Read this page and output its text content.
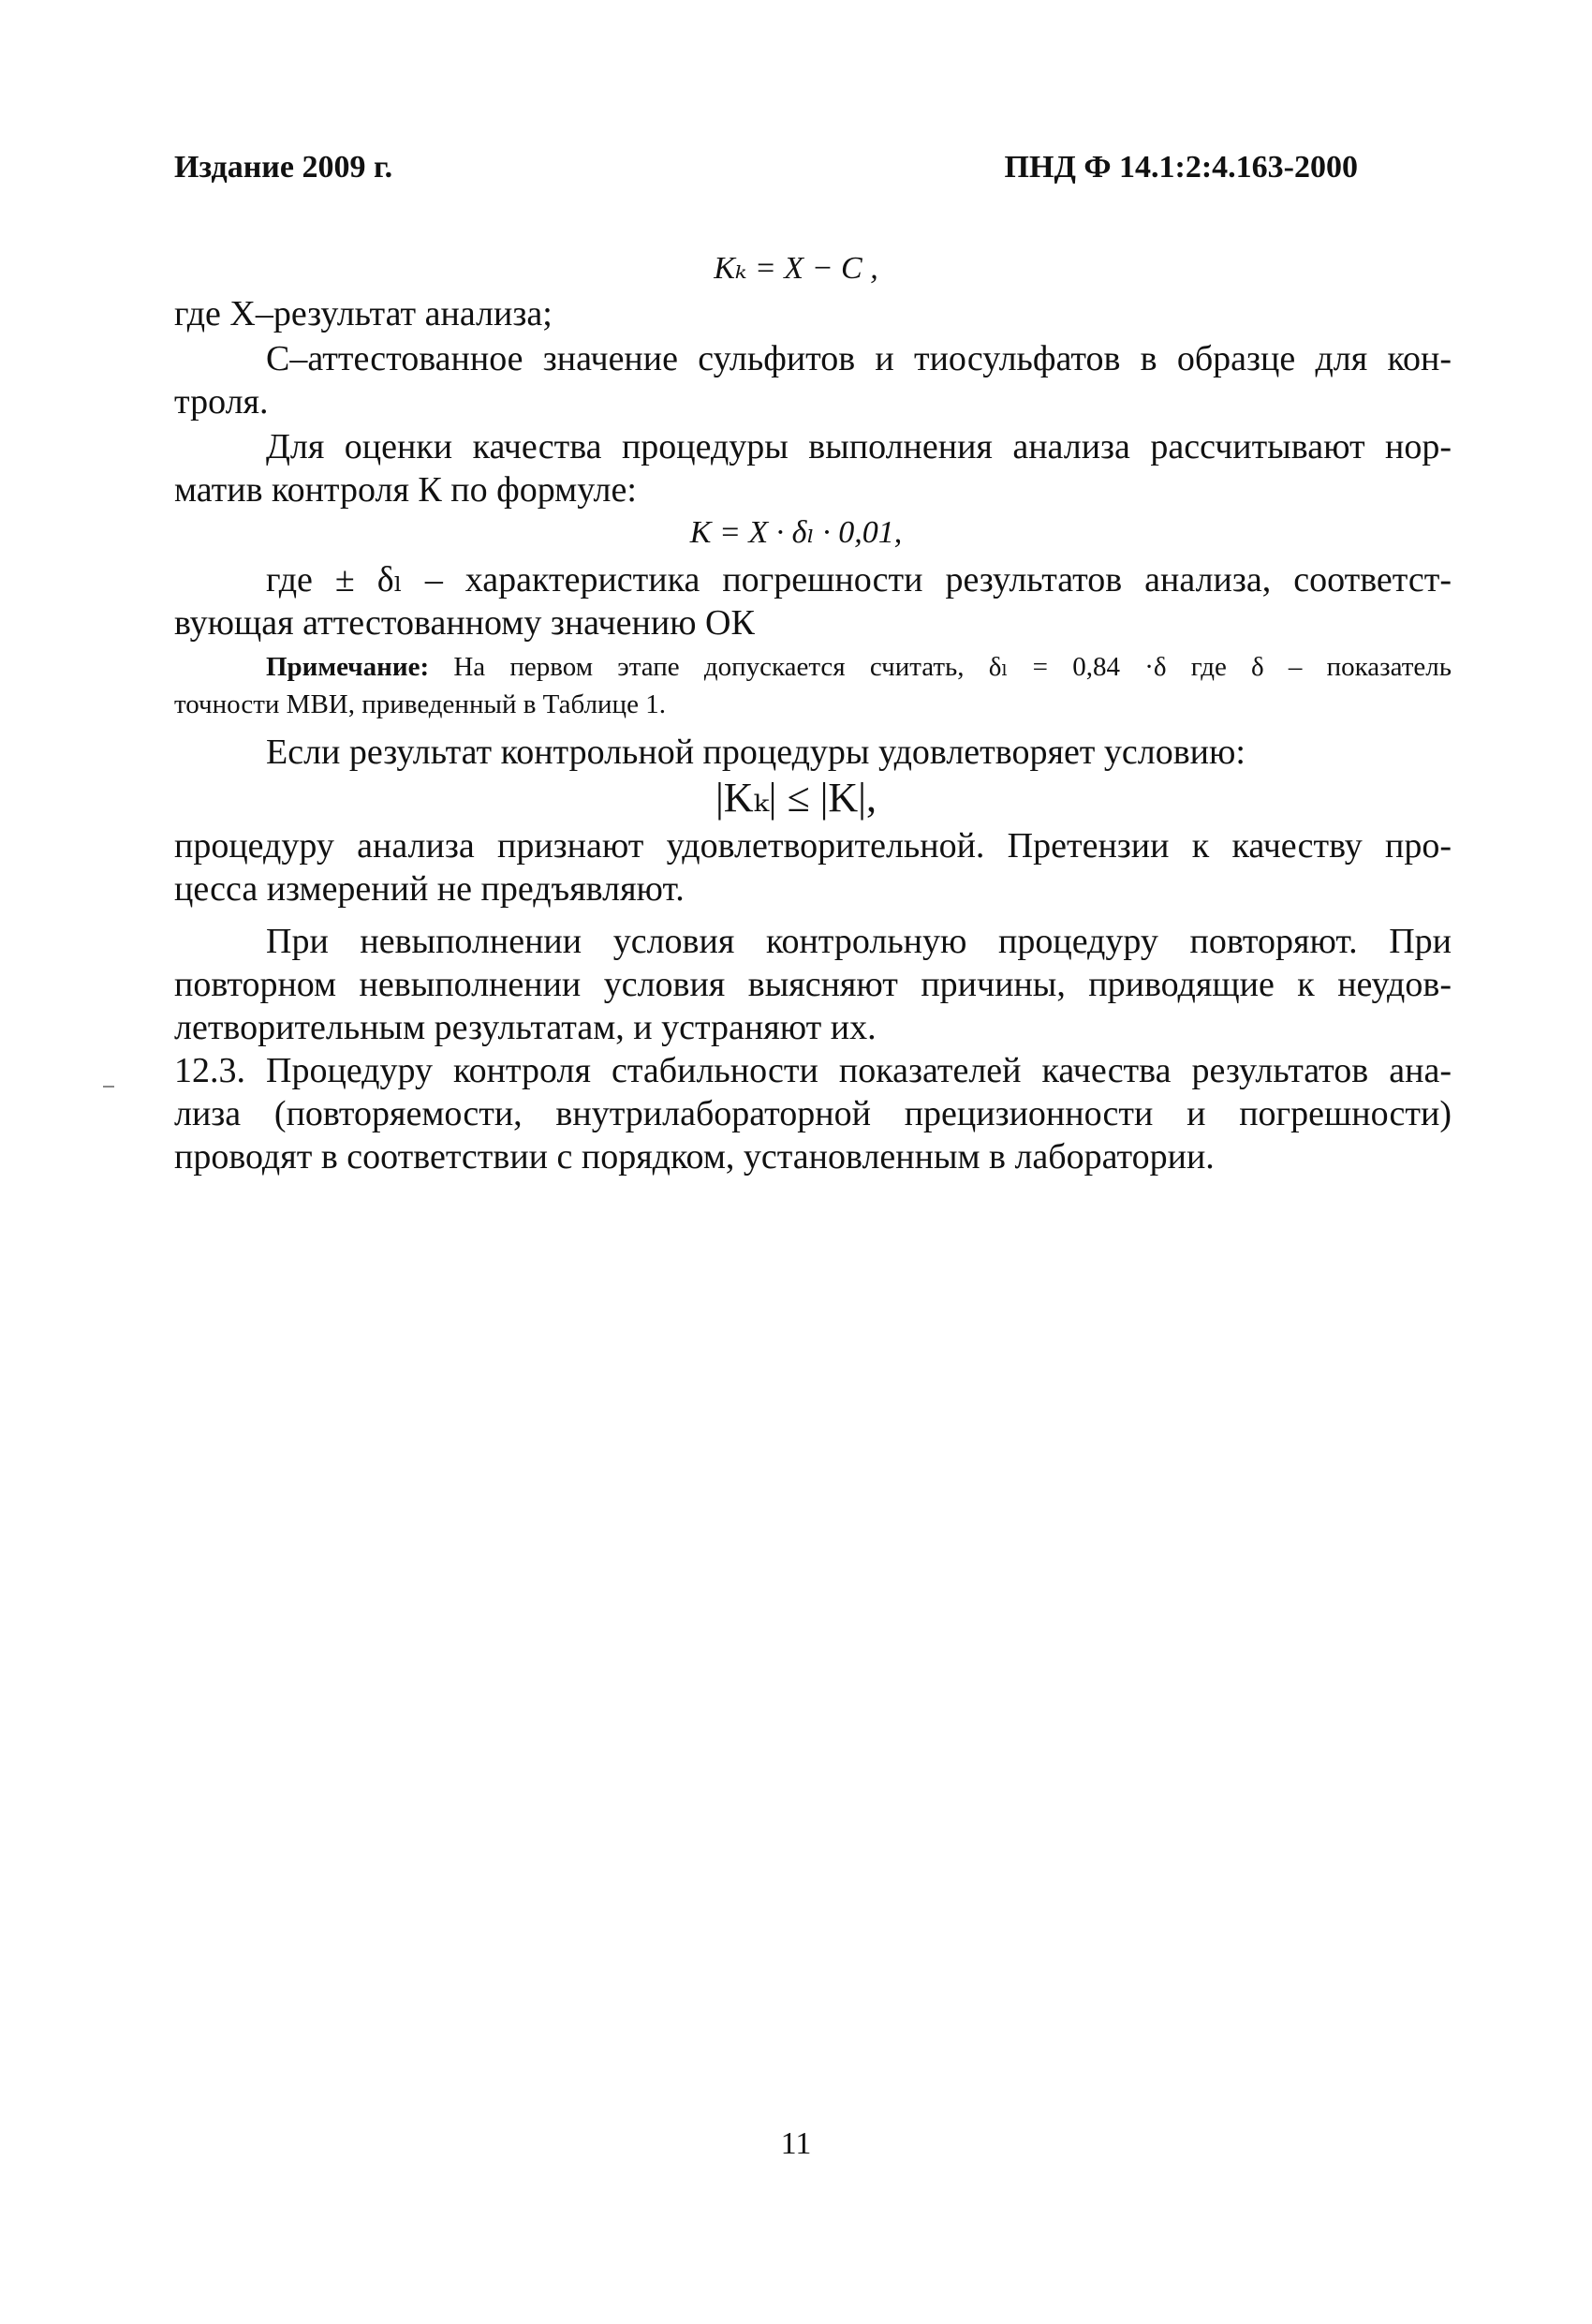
Издание 2009 г.	ПНД Ф 14.1:2:4.163-2000
Kₖ = X − C ,
где X–результат анализа;
С–аттестованное значение сульфитов и тиосульфатов в образце для кон-
троля.
Для оценки качества процедуры выполнения анализа рассчитывают нор-
матив контроля К по формуле:
K = X · δₗ · 0,01,
где ± δₗ – характеристика погрешности результатов анализа, соответст-
вующая аттестованному значению ОК
Примечание: На первом этапе допускается считать, δₗ = 0,84 ·δ где δ – показатель
точности МВИ, приведенный в Таблице 1.
Если результат контрольной процедуры удовлетворяет условию:
|Kₖ| ≤ |K|,
процедуру анализа признают удовлетворительной. Претензии к качеству про-
цесса измерений не предъявляют.
При невыполнении условия контрольную процедуру повторяют. При
повторном невыполнении условия выясняют причины, приводящие к неудов-
летворительным результатам, и устраняют их.
12.3. Процедуру контроля стабильности показателей качества результатов ана-
лиза (повторяемости, внутрилабораторной прецизионности и погрешности)
проводят в соответствии с порядком, установленным в лаборатории.
11
